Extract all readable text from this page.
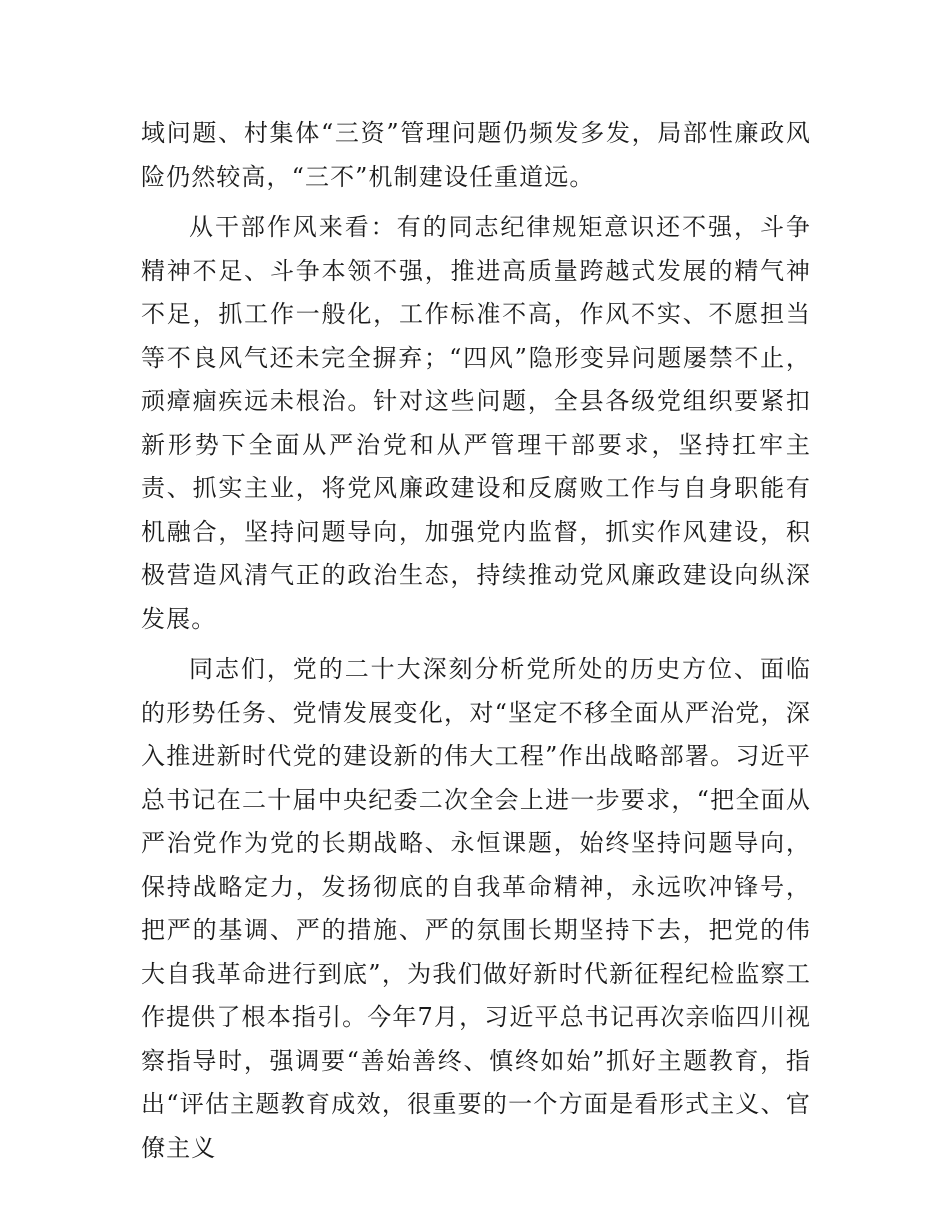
域问题、村集体“三资”管理问题仍频发多发，局部性廉政风险仍然较高，“三不”机制建设任重道远。

从干部作风来看：有的同志纪律规矩意识还不强，斗争精神不足、斗争本领不强，推进高质量跨越式发展的精气神不足，抓工作一般化，工作标准不高，作风不实、不愿担当等不良风气还未完全摒弃；“四风”隐形变异问题屡禁不止，顽瘴痼疾远未根治。针对这些问题，全县各级党组织要紧扣新形势下全面从严治党和从严管理干部要求，坚持扛牢主责、抓实主业，将党风廉政建设和反腐败工作与自身职能有机融合，坚持问题导向，加强党内监督，抓实作风建设，积极营造风清气正的政治生态，持续推动党风廉政建设向纵深发展。

同志们，党的二十大深刻分析党所处的历史方位、面临的形势任务、党情发展变化，对“坚定不移全面从严治党，深入推进新时代党的建设新的伟大工程”作出战略部署。习近平总书记在二十届中央纪委二次全会上进一步要求，“把全面从严治党作为党的长期战略、永恒课题，始终坚持问题导向，保持战略定力，发扬彻底的自我革命精神，永远吹冲锋号，把严的基调、严的措施、严的氛围长期坚持下去，把党的伟大自我革命进行到底”，为我们做好新时代新征程纪检监察工作提供了根本指引。今年7月，习近平总书记再次亲临四川视察指导时，强调要“善始善终、慎终如始”抓好主题教育，指出“评估主题教育成效，很重要的一个方面是看形式主义、官僚主义
